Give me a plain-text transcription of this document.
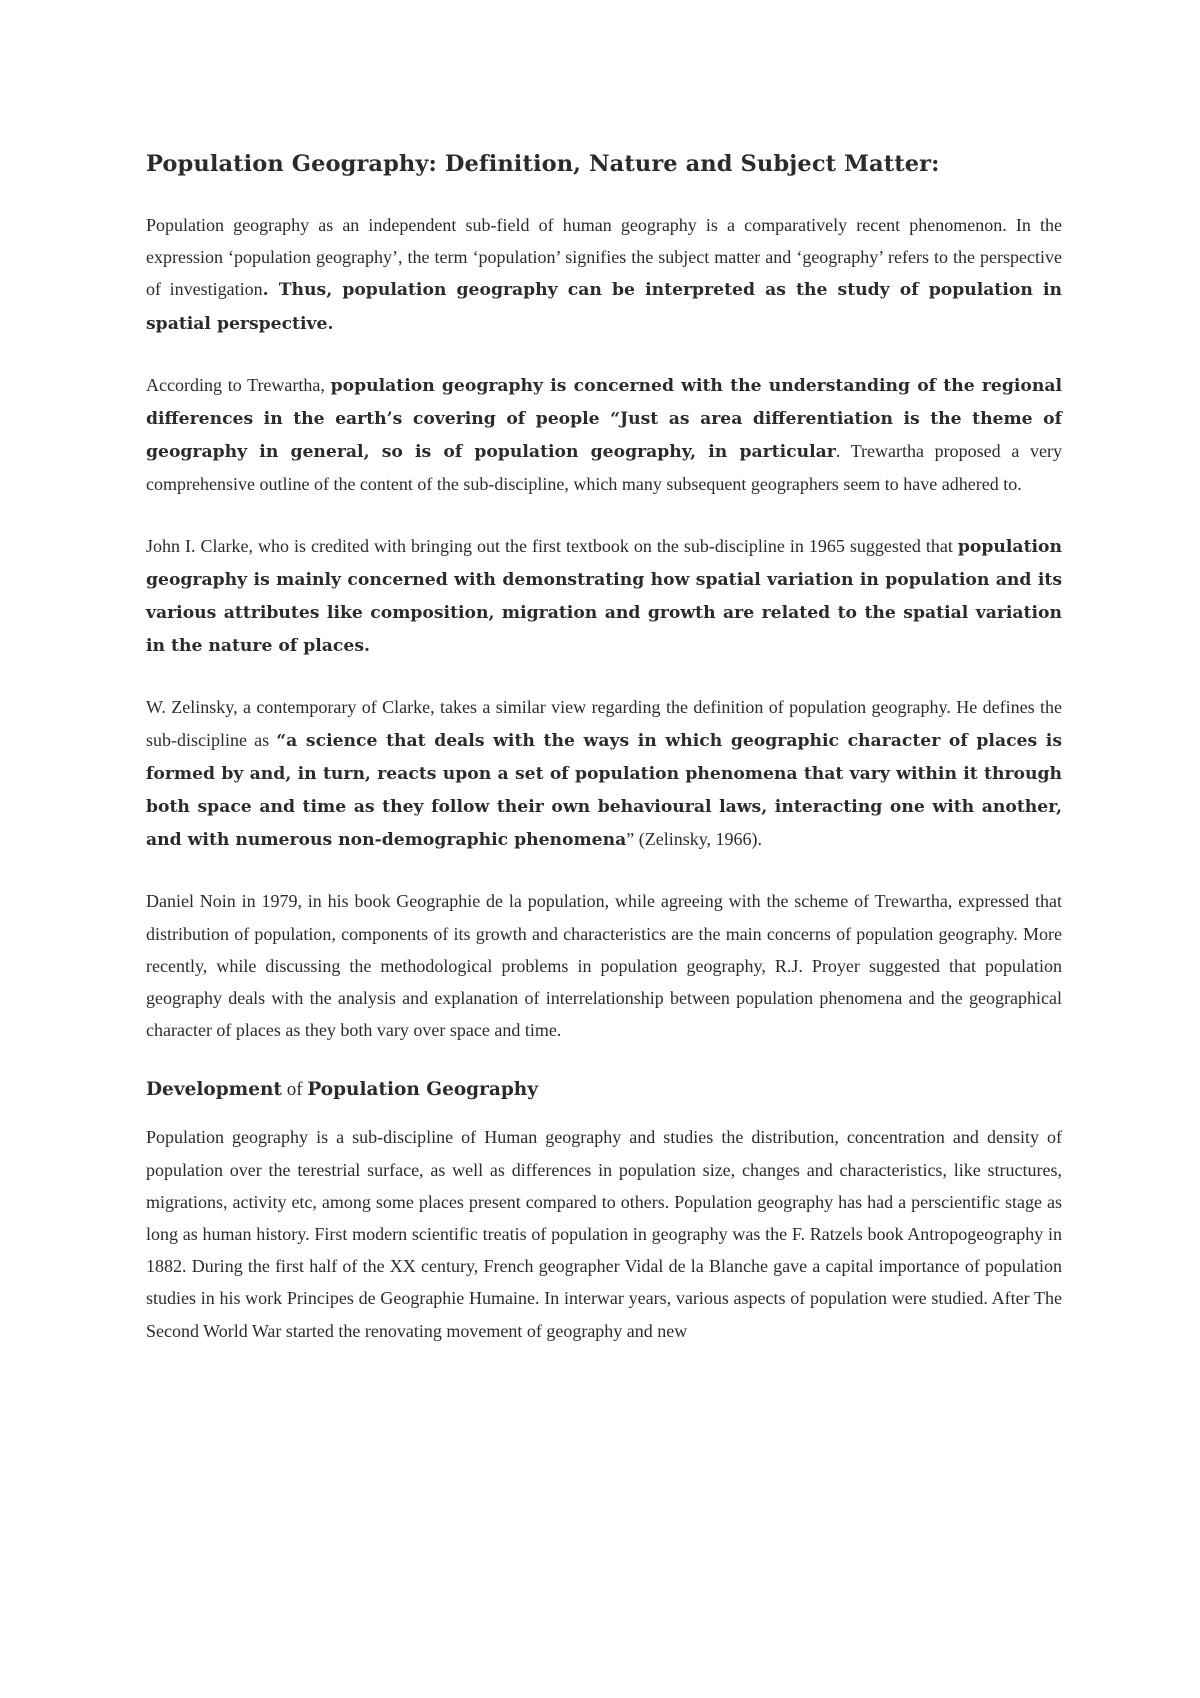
Population Geography: Definition, Nature and Subject Matter:

Population geography as an independent sub-field of human geography is a comparatively recent phenomenon. In the expression ‘population geography’, the term ‘population’ signifies the subject matter and ‘geography’ refers to the perspective of investigation. Thus, population geography can be interpreted as the study of population in spatial perspective.

According to Trewartha, population geography is concerned with the understanding of the regional differences in the earth’s covering of people “Just as area differentiation is the theme of geography in general, so is of population geography, in particular. Trewartha proposed a very comprehensive outline of the content of the sub-discipline, which many subsequent geographers seem to have adhered to.

John I. Clarke, who is credited with bringing out the first textbook on the sub-discipline in 1965 suggested that population geography is mainly concerned with demonstrating how spatial variation in population and its various attributes like composition, migration and growth are related to the spatial variation in the nature of places.

W. Zelinsky, a contemporary of Clarke, takes a similar view regarding the definition of population geography. He defines the sub-discipline as “a science that deals with the ways in which geographic character of places is formed by and, in turn, reacts upon a set of population phenomena that vary within it through both space and time as they follow their own behavioural laws, interacting one with another, and with numerous non-demographic phenomena” (Zelinsky, 1966).

Daniel Noin in 1979, in his book Geographie de la population, while agreeing with the scheme of Trewartha, expressed that distribution of population, components of its growth and characteristics are the main concerns of population geography. More recently, while discussing the methodological problems in population geography, R.J. Proyer suggested that population geography deals with the analysis and explanation of interrelationship between population phenomena and the geographical character of places as they both vary over space and time.

Development of Population Geography

Population geography is a sub-discipline of Human geography and studies the distribution, concentration and density of population over the terestrial surface, as well as differences in population size, changes and characteristics, like structures, migrations, activity etc, among some places present compared to others. Population geography has had a perscientific stage as long as human history. First modern scientific treatis of population in geography was the F. Ratzels book Antropogeography in 1882. During the first half of the XX century, French geographer Vidal de la Blanche gave a capital importance of population studies in his work Principes de Geographie Humaine. In interwar years, various aspects of population were studied. After The Second World War started the renovating movement of geography and new
